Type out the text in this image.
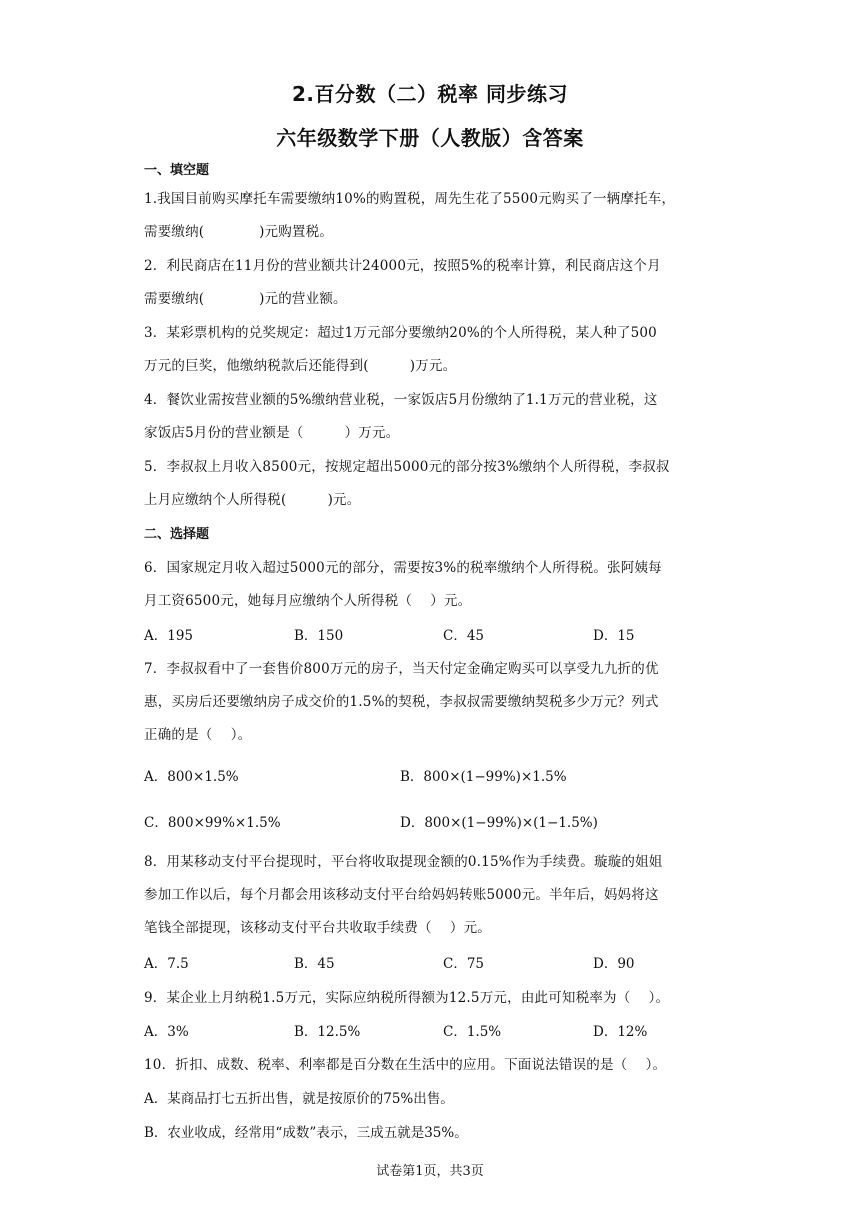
2.百分数（二）税率 同步练习
六年级数学下册（人教版）含答案
一、填空题
1.我国目前购买摩托车需要缴纳10%的购置税，周先生花了5500元购买了一辆摩托车，
需要缴纳(　　　　)元购置税。
2．利民商店在11月份的营业额共计24000元，按照5%的税率计算，利民商店这个月
需要缴纳(　　　　)元的营业额。
3．某彩票机构的兑奖规定：超过1万元部分要缴纳20%的个人所得税，某人种了500
万元的巨奖，他缴纳税款后还能得到(　　　)万元。
4．餐饮业需按营业额的5%缴纳营业税，一家饭店5月份缴纳了1.1万元的营业税，这
家饭店5月份的营业额是（　　　）万元。
5．李叔叔上月收入8500元，按规定超出5000元的部分按3%缴纳个人所得税，李叔叔
上月应缴纳个人所得税(　　　)元。
二、选择题
6．国家规定月收入超过5000元的部分，需要按3%的税率缴纳个人所得税。张阿姨每
月工资6500元，她每月应缴纳个人所得税（　 ）元。
A．195	B．150	C．45	D．15
7．李叔叔看中了一套售价800万元的房子，当天付定金确定购买可以享受九九折的优
惠，买房后还要缴纳房子成交价的1.5%的契税，李叔叔需要缴纳契税多少万元？列式
正确的是（　 ）。
A．800×1.5%	B．800×(1−99%)×1.5%
C．800×99%×1.5%	D．800×(1−99%)×(1−1.5%)
8．用某移动支付平台提现时，平台将收取提现金额的0.15%作为手续费。璇璇的姐姐
参加工作以后，每个月都会用该移动支付平台给妈妈转账5000元。半年后，妈妈将这
笔钱全部提现，该移动支付平台共收取手续费（　 ）元。
A．7.5	B．45	C．75	D．90
9．某企业上月纳税1.5万元，实际应纳税所得额为12.5万元，由此可知税率为（　 ）。
A．3%	B．12.5%	C．1.5%	D．12%
10．折扣、成数、税率、利率都是百分数在生活中的应用。下面说法错误的是（　 ）。
A．某商品打七五折出售，就是按原价的75%出售。
B．农业收成，经常用“成数”表示，三成五就是35%。
试卷第1页，共3页
